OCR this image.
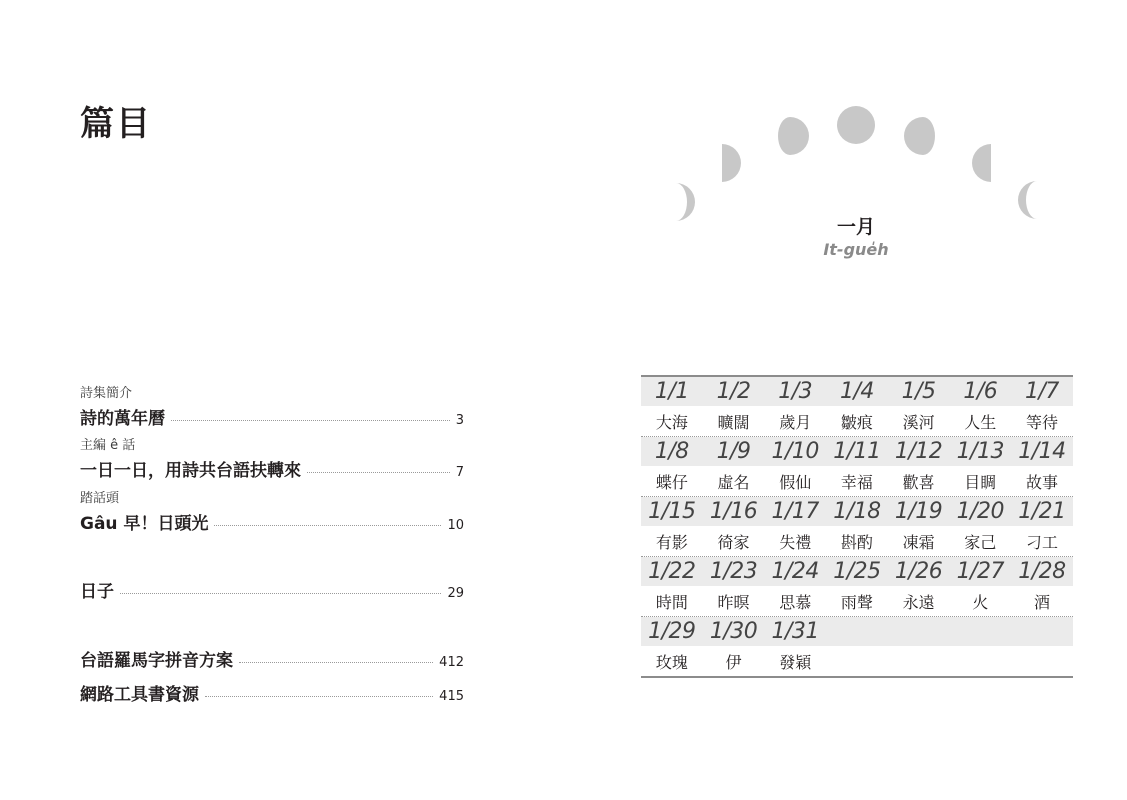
篇目
詩集簡介
詩的萬年曆	3
主編 ê 話
一日一日，用詩共台語扶轉來	7
踏話頭
Gâu 早！日頭光	10
日子	29
台語羅馬字拼音方案	412
網路工具書資源	415
一月
It-gue̍h
1/1	1/2	1/3	1/4	1/5	1/6	1/7
大海	曠闊	歲月	皺痕	溪河	人生	等待
1/8	1/9 1/10 1/11 1/12 1/13 1/14
蝶仔	虛名	假仙	幸福	歡喜	目睭	故事
1/15 1/16 1/17 1/18 1/19 1/20 1/21
有影	徛家	失禮	斟酌	凍霜	家己	刁工
1/22 1/23 1/24 1/25 1/26 1/27 1/28
時間	昨暝	思慕	雨聲	永遠	火	酒
1/29 1/30 1/31
玫瑰	伊	發穎
